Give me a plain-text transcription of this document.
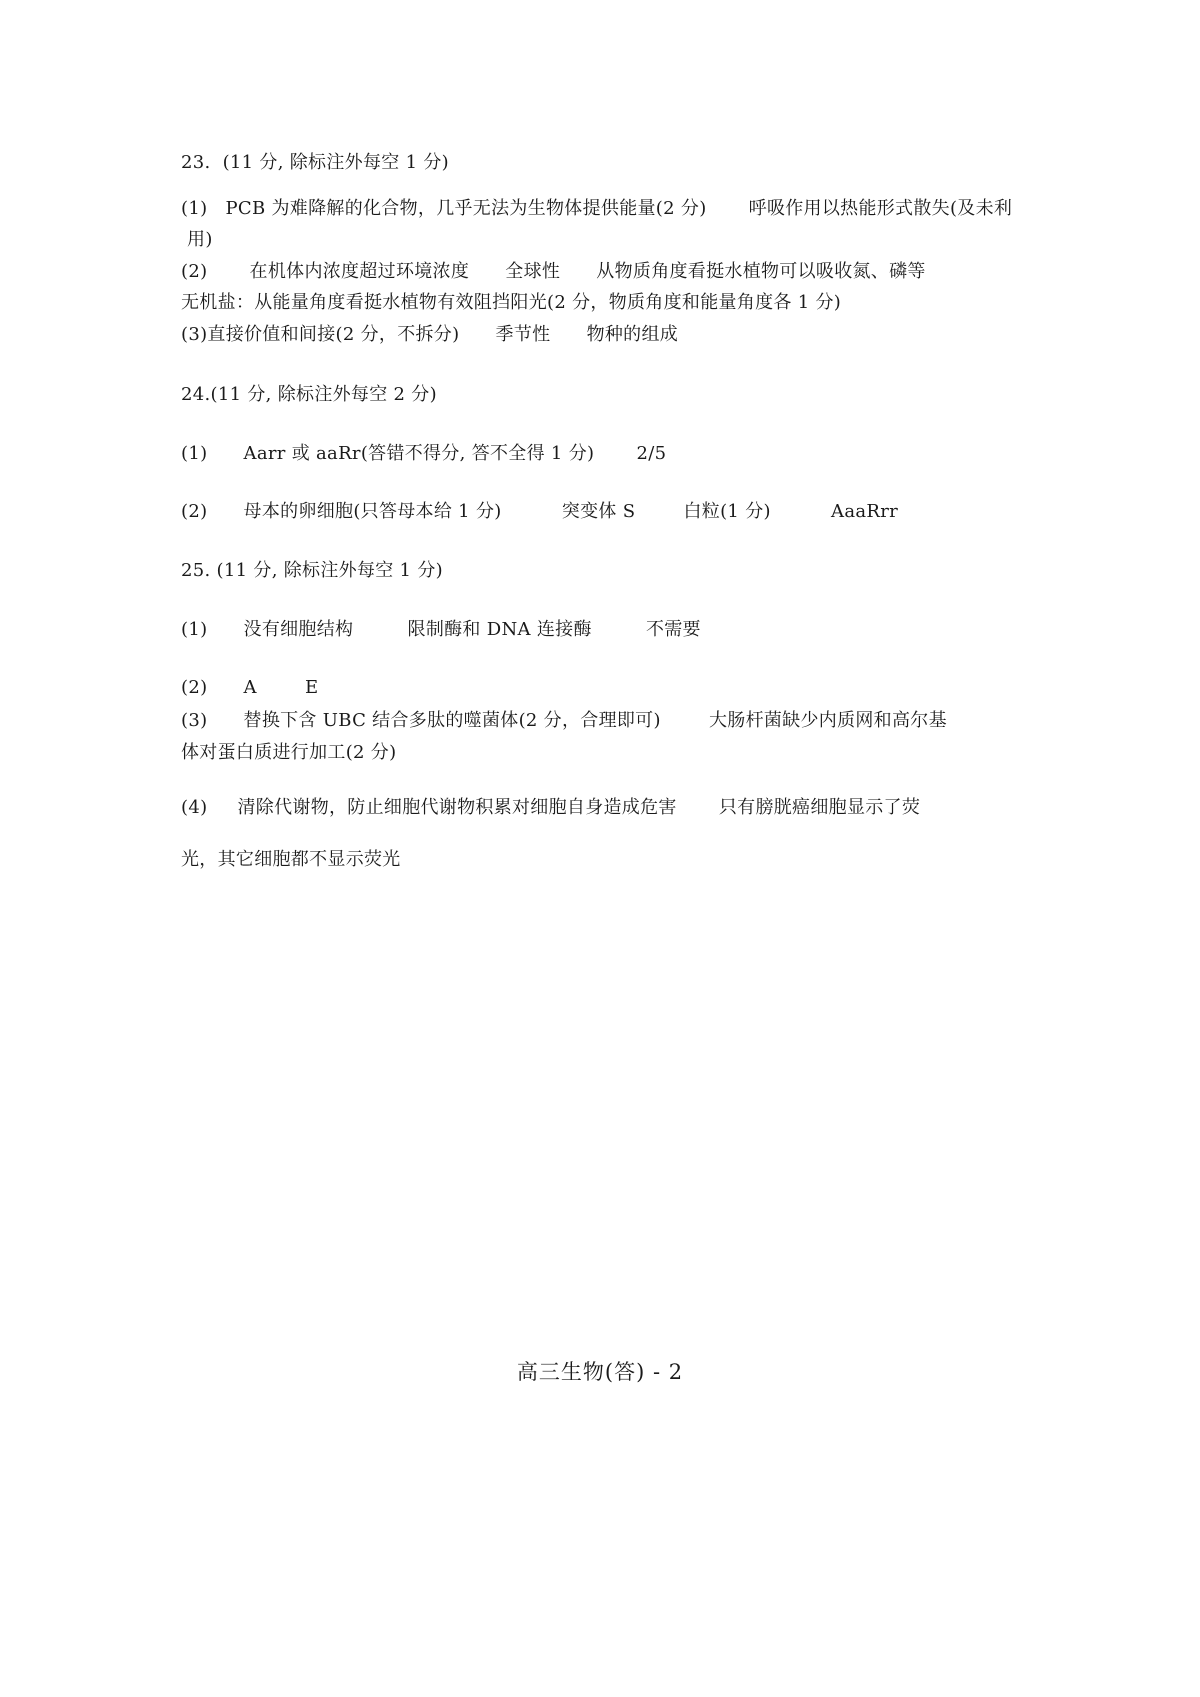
23.  (11 分, 除标注外每空 1 分)
(1)   PCB 为难降解的化合物，几乎无法为生物体提供能量(2 分)       呼吸作用以热能形式散失(及未利
用)
(2)       在机体内浓度超过环境浓度      全球性      从物质角度看挺水植物可以吸收氮、磷等
无机盐：从能量角度看挺水植物有效阻挡阳光(2 分，物质角度和能量角度各 1 分)
(3)直接价值和间接(2 分，不拆分)      季节性      物种的组成
24.(11 分, 除标注外每空 2 分)
(1)      Aarr 或 aaRr(答错不得分, 答不全得 1 分)       2/5
(2)      母本的卵细胞(只答母本给 1 分)          突变体 S        白粒(1 分)          AaaRrr
25. (11 分, 除标注外每空 1 分)
(1)      没有细胞结构         限制酶和 DNA 连接酶         不需要
(2)      A        E
(3)      替换下含 UBC 结合多肽的噬菌体(2 分，合理即可)        大肠杆菌缺少内质网和高尔基
体对蛋白质进行加工(2 分)
(4)     清除代谢物，防止细胞代谢物积累对细胞自身造成危害       只有膀胱癌细胞显示了荧
光，其它细胞都不显示荧光
高三生物(答) - 2
